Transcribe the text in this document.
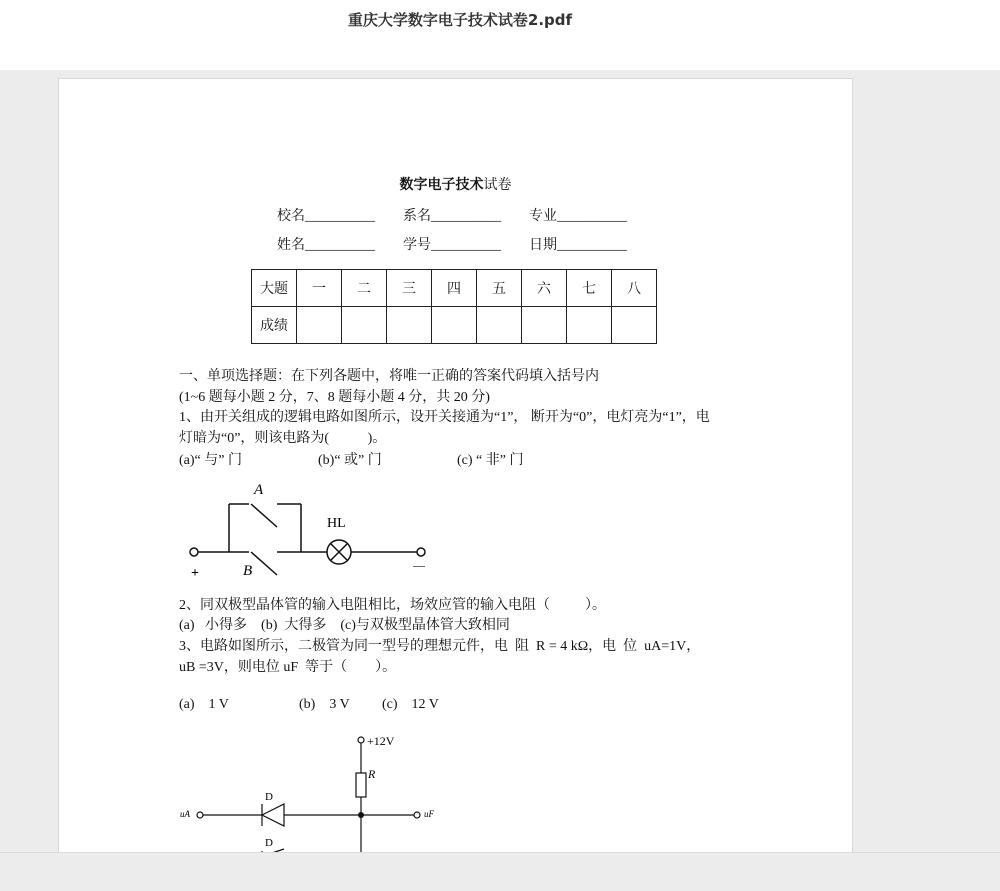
重庆大学数字电子技术试卷2.pdf
数字电子技术试卷
校名__________ 系名__________ 专业__________
姓名__________ 学号__________ 日期__________
大题	一	二	三	四	五	六	七	八
成绩								
一、单项选择题：在下列各题中，将唯一正确的答案代码填入括号内
(1~6 题每小题 2 分，7、8 题每小题 4 分，共 20 分)
1、由开关组成的逻辑电路如图所示，设开关接通为“1”， 断开为“0”，电灯亮为“1”，电
灯暗为“0”，则该电路为(           )。
(a)“ 与” 门	(b)“ 或” 门	(c) “ 非” 门
A
B
HL
+
—
2、同双极型晶体管的输入电阻相比，场效应管的输入电阻（          ）。
(a)   小得多    (b)  大得多    (c)与双极型晶体管大致相同
3、电路如图所示，二极管为同一型号的理想元件，电  阻  R = 4 kΩ，电  位  uA=1V，
uB =3V，则电位 uF  等于（        ）。
(a)    1 V	(b)    3 V (c)    12 V
+12V
R
D
D
uA	uF
